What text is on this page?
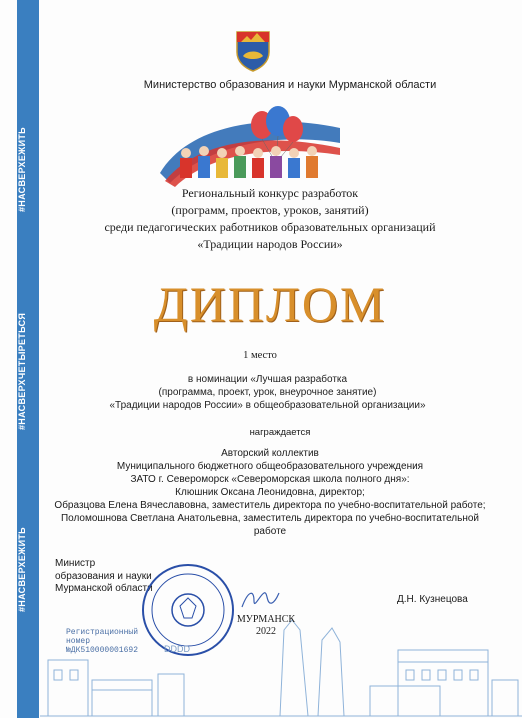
#НАСВЕРХЕЖИТЬ
#НАСВЕРХЧЕТЫРЕТЬСЯ
#НАСВЕРХЕЖИТЬ
Министерство образования и науки Мурманской области
Региональный конкурс разработок
(программ, проектов, уроков, занятий)
среди педагогических работников образовательных организаций
«Традиции народов России»
ДИПЛОМ
1 место
в номинации «Лучшая разработка
(программа, проект, урок, внеурочное занятие)
«Традиции народов России» в общеобразовательной организации»
награждается
Авторский коллектив
Муниципального бюджетного общеобразовательного учреждения
ЗАТО г. Североморск «Североморская школа полного дня»:
Клюшник Оксана Леонидовна, директор;
Образцова Елена Вячеславовна, заместитель директора по учебно-воспитательной работе;
Поломошнова Светлана Анатольевна, заместитель директора по учебно-воспитательной работе
Министр
образования и науки
Мурманской области
Д.Н. Кузнецова
МУРМАНСК
2022
Регистрационный номер
№ДК510000001692	DDDD
